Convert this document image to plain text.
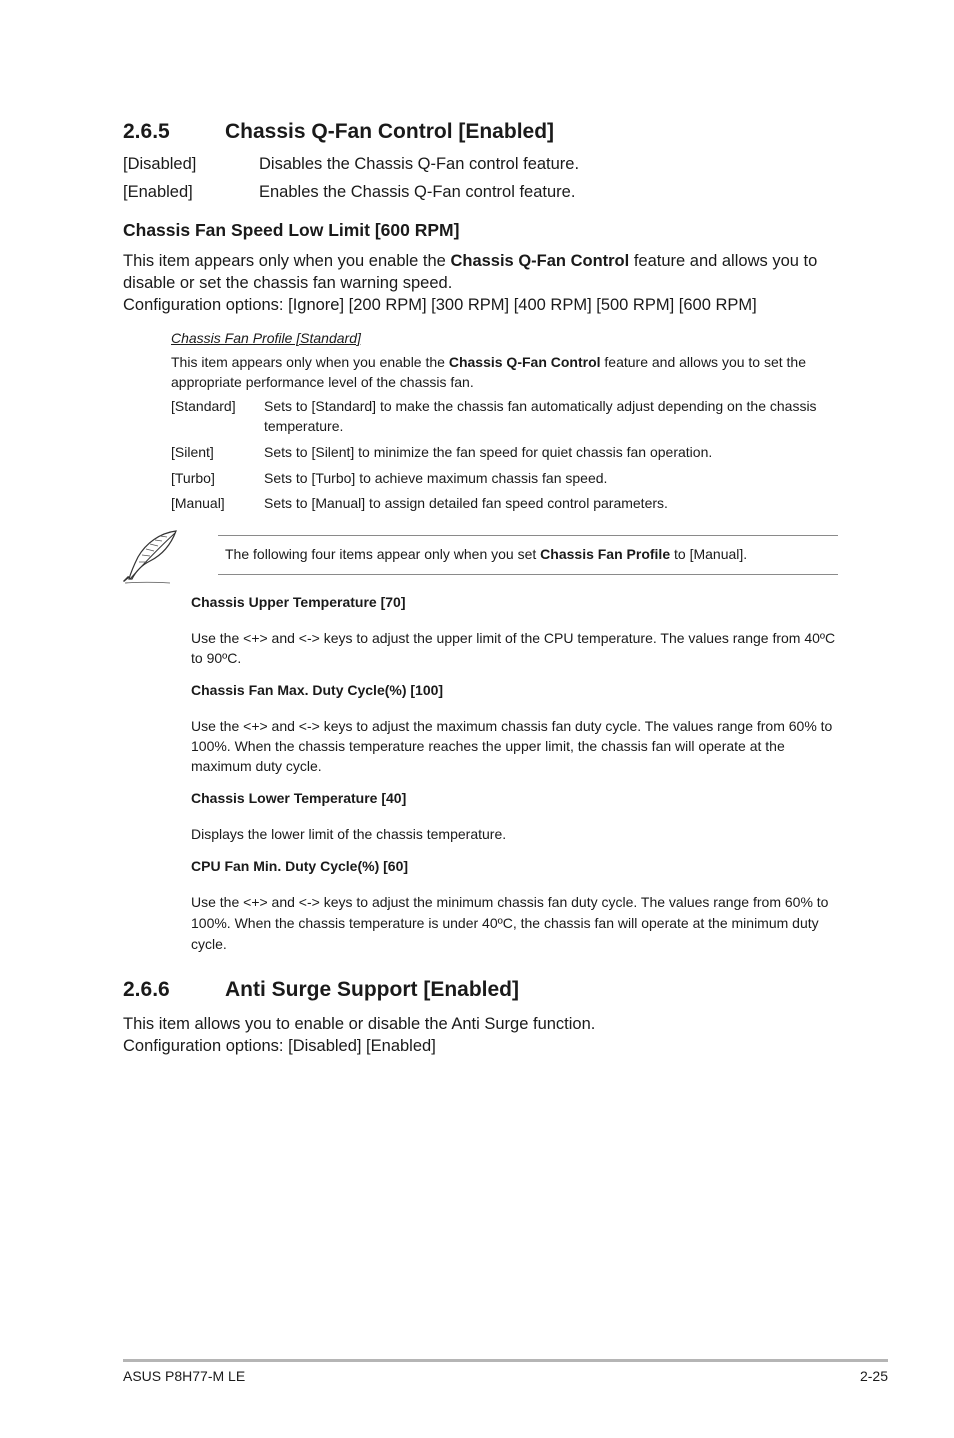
2.6.5	Chassis Q-Fan Control [Enabled]
[Disabled]	Disables the Chassis Q-Fan control feature.
[Enabled]	Enables the Chassis Q-Fan control feature.
Chassis Fan Speed Low Limit [600 RPM]
This item appears only when you enable the Chassis Q-Fan Control feature and allows you to disable or set the chassis fan warning speed.
Configuration options: [Ignore] [200 RPM] [300 RPM] [400 RPM] [500 RPM] [600 RPM]
Chassis Fan Profile [Standard]
This item appears only when you enable the Chassis Q-Fan Control feature and allows you to set the appropriate performance level of the chassis fan.
[Standard]	Sets to [Standard] to make the chassis fan automatically adjust depending on the chassis temperature.
[Silent]	Sets to [Silent] to minimize the fan speed for quiet chassis fan operation.
[Turbo]	Sets to [Turbo] to achieve maximum chassis fan speed.
[Manual]	Sets to [Manual] to assign detailed fan speed control parameters.
The following four items appear only when you set Chassis Fan Profile to [Manual].
Chassis Upper Temperature [70]
Use the <+> and <-> keys to adjust the upper limit of the CPU temperature. The values range from 40ºC to 90ºC.
Chassis Fan Max. Duty Cycle(%) [100]
Use the <+> and <-> keys to adjust the maximum chassis fan duty cycle. The values range from 60% to 100%. When the chassis temperature reaches the upper limit, the chassis fan will operate at the maximum duty cycle.
Chassis Lower Temperature [40]
Displays the lower limit of the chassis temperature.
CPU Fan Min. Duty Cycle(%) [60]
Use the <+> and <-> keys to adjust the minimum chassis fan duty cycle. The values range from 60% to 100%. When the chassis temperature is under 40ºC, the chassis fan will operate at the minimum duty cycle.
2.6.6	Anti Surge Support [Enabled]
This item allows you to enable or disable the Anti Surge function.
Configuration options: [Disabled] [Enabled]
ASUS P8H77-M LE	2-25
